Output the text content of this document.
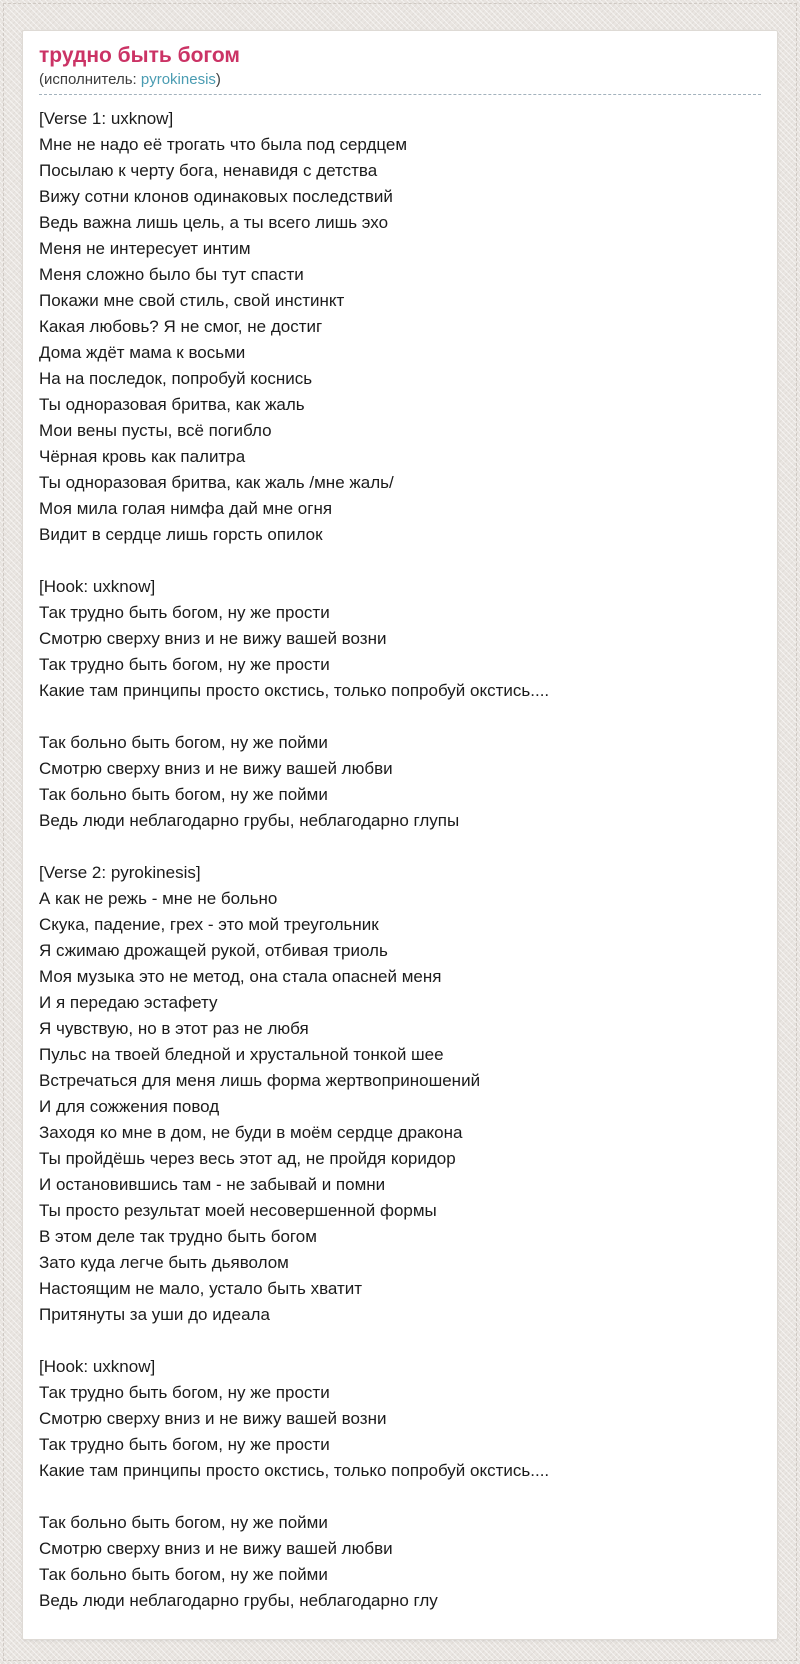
трудно быть богом
(исполнитель: pyrokinesis)
[Verse 1: uxknow]
Мне не надо её трогать что была под сердцем
Посылаю к черту бога, ненавидя с детства
Вижу сотни клонов одинаковых последствий
Ведь важна лишь цель, а ты всего лишь эхо
Меня не интересует интим
Меня сложно было бы тут спасти
Покажи мне свой стиль, свой инстинкт
Какая любовь? Я не смог, не достиг
Дома ждёт мама к восьми
На на последок, попробуй коснись
Ты одноразовая бритва, как жаль
Мои вены пусты, всё погибло
Чёрная кровь как палитра
Ты одноразовая бритва, как жаль /мне жаль/
Моя мила голая нимфа дай мне огня
Видит в сердце лишь горсть опилок
[Hook: uxknow]
Так трудно быть богом, ну же прости
Смотрю сверху вниз и не вижу вашей возни
Так трудно быть богом, ну же прости
Какие там принципы просто окстись, только попробуй окстись....
Так больно быть богом, ну же пойми
Смотрю сверху вниз и не вижу вашей любви
Так больно быть богом, ну же пойми
Ведь люди неблагодарно грубы, неблагодарно глупы
[Verse 2: pyrokinesis]
А как не режь - мне не больно
Скука, падение, грех - это мой треугольник
Я сжимаю дрожащей рукой, отбивая триоль
Моя музыка это не метод, она стала опасней меня
И я передаю эстафету
Я чувствую, но в этот раз не любя
Пульс на твоей бледной и хрустальной тонкой шее
Встречаться для меня лишь форма жертвоприношений
И для сожжения повод
Заходя ко мне в дом, не буди в моём сердце дракона
Ты пройдёшь через весь этот ад, не пройдя коридор
И остановившись там - не забывай и помни
Ты просто результат моей несовершенной формы
В этом деле так трудно быть богом
Зато куда легче быть дьяволом
Настоящим не мало, устало быть хватит
Притянуты за уши до идеала
[Hook: uxknow]
Так трудно быть богом, ну же прости
Смотрю сверху вниз и не вижу вашей возни
Так трудно быть богом, ну же прости
Какие там принципы просто окстись, только попробуй окстись....
Так больно быть богом, ну же пойми
Смотрю сверху вниз и не вижу вашей любви
Так больно быть богом, ну же пойми
Ведь люди неблагодарно грубы, неблагодарно глу
